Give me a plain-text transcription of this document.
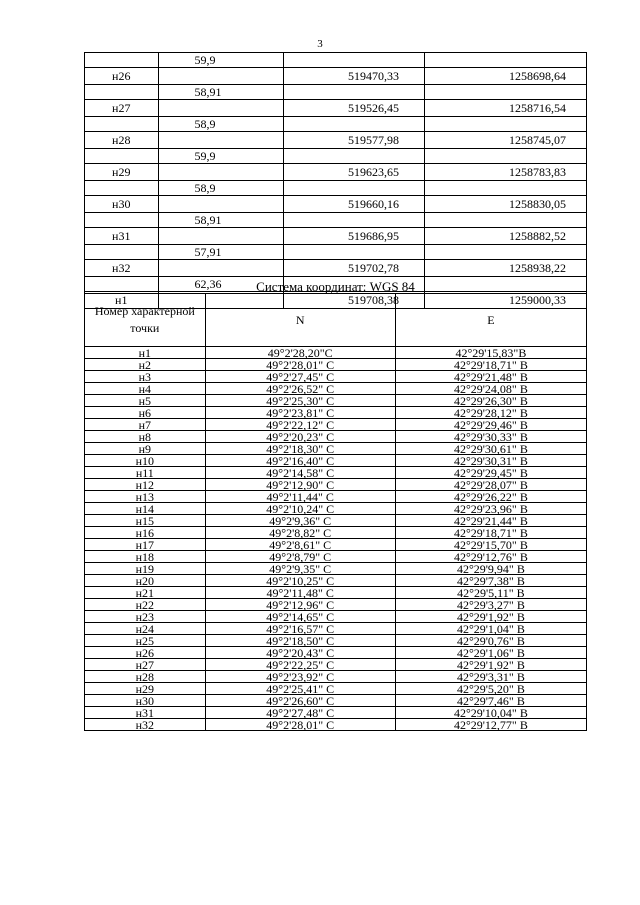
3
	59,9		
н26		519470,33	1258698,64
	58,91		
н27		519526,45	1258716,54
	58,9		
н28		519577,98	1258745,07
	59,9		
н29		519623,65	1258783,83
	58,9		
н30		519660,16	1258830,05
	58,91		
н31		519686,95	1258882,52
	57,91		
н32		519702,78	1258938,22
	62,36		
н1		519708,38	1259000,33
Система координат: WGS 84
Номер характерной точки	N	E
н1	49°2'28,20"С	42°29'15,83"В
н2	49°2'28,01" С	42°29'18,71" В
н3	49°2'27,45" С	42°29'21,48" В
н4	49°2'26,52" С	42°29'24,08" В
н5	49°2'25,30" С	42°29'26,30" В
н6	49°2'23,81" С	42°29'28,12" В
н7	49°2'22,12" С	42°29'29,46" В
н8	49°2'20,23" С	42°29'30,33" В
н9	49°2'18,30" С	42°29'30,61" В
н10	49°2'16,40" С	42°29'30,31" В
н11	49°2'14,58" С	42°29'29,45" В
н12	49°2'12,90" С	42°29'28,07" В
н13	49°2'11,44" С	42°29'26,22" В
н14	49°2'10,24" С	42°29'23,96" В
н15	49°2'9,36" С	42°29'21,44" В
н16	49°2'8,82" С	42°29'18,71" В
н17	49°2'8,61" С	42°29'15,70" В
н18	49°2'8,79" С	42°29'12,76" В
н19	49°2'9,35" С	42°29'9,94" В
н20	49°2'10,25" С	42°29'7,38" В
н21	49°2'11,48" С	42°29'5,11" В
н22	49°2'12,96" С	42°29'3,27" В
н23	49°2'14,65" С	42°29'1,92" В
н24	49°2'16,57" С	42°29'1,04" В
н25	49°2'18,50" С	42°29'0,76" В
н26	49°2'20,43" С	42°29'1,06" В
н27	49°2'22,25" С	42°29'1,92" В
н28	49°2'23,92" С	42°29'3,31" В
н29	49°2'25,41" С	42°29'5,20" В
н30	49°2'26,60" С	42°29'7,46" В
н31	49°2'27,48" С	42°29'10,04" В
н32	49°2'28,01" С	42°29'12,77" В
